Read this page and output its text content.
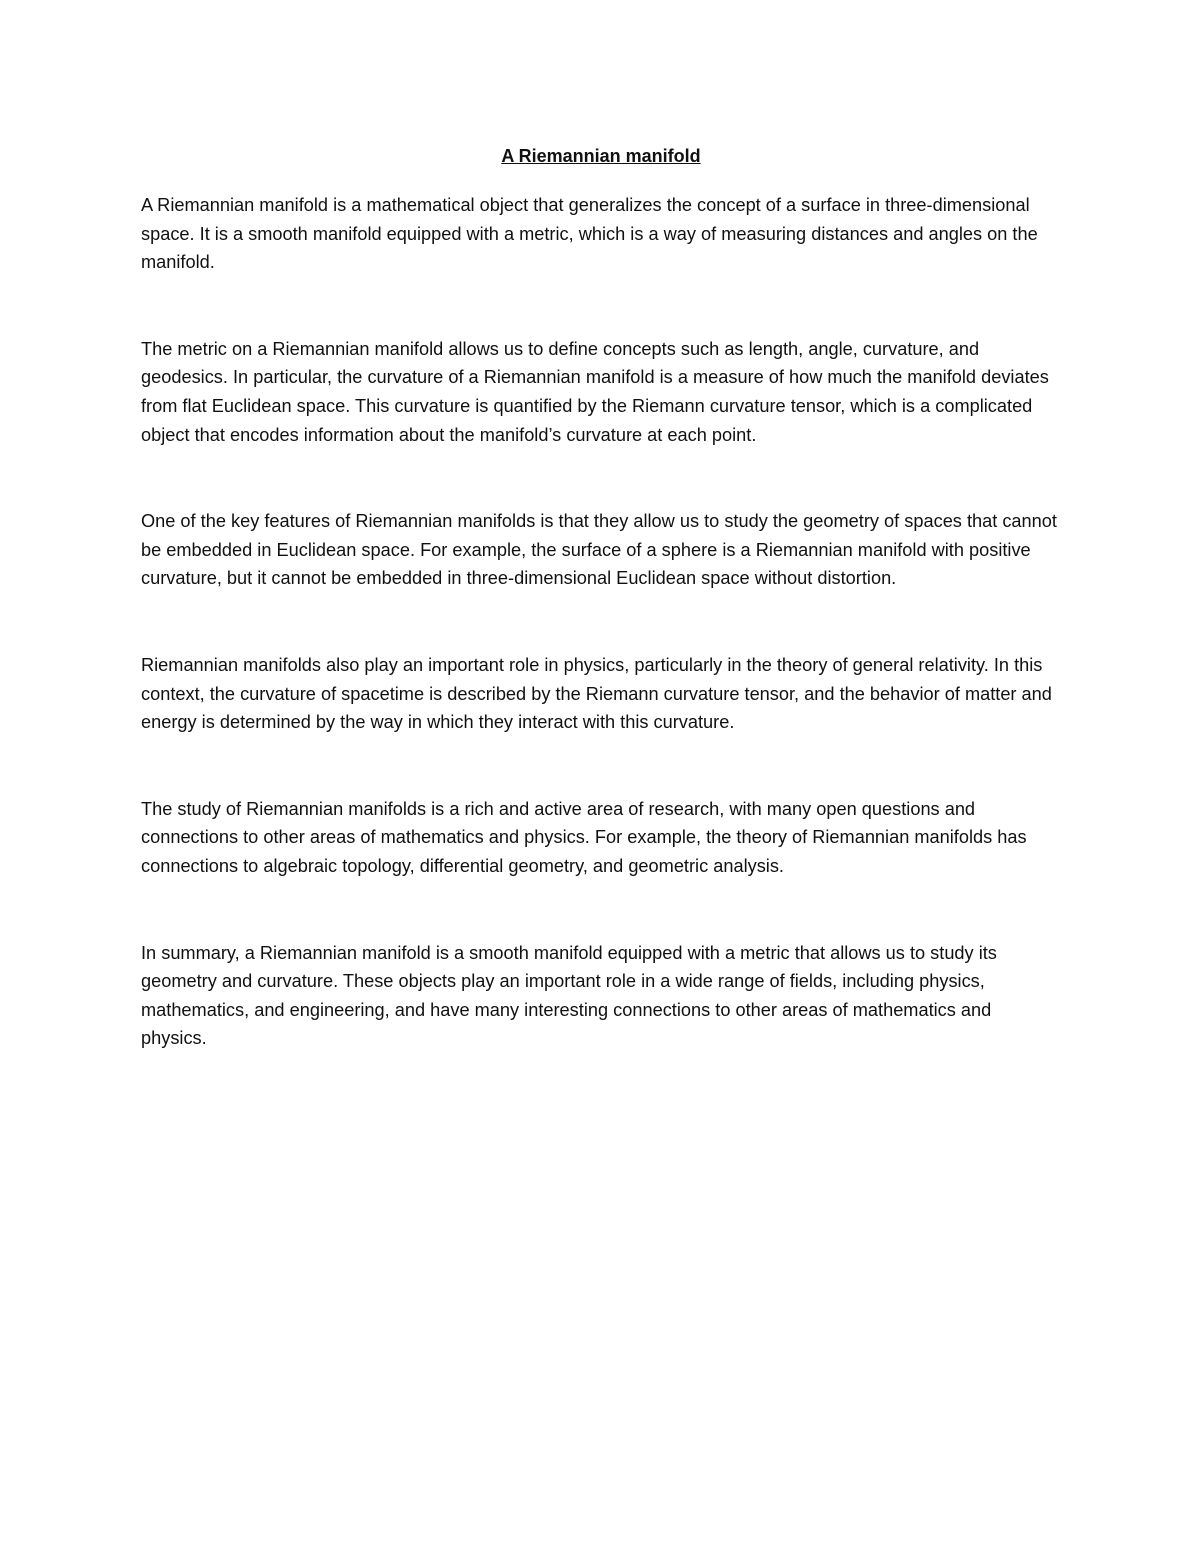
A Riemannian manifold

A Riemannian manifold is a mathematical object that generalizes the concept of a surface in three-dimensional space. It is a smooth manifold equipped with a metric, which is a way of measuring distances and angles on the manifold.

The metric on a Riemannian manifold allows us to define concepts such as length, angle, curvature, and geodesics. In particular, the curvature of a Riemannian manifold is a measure of how much the manifold deviates from flat Euclidean space. This curvature is quantified by the Riemann curvature tensor, which is a complicated object that encodes information about the manifold’s curvature at each point.

One of the key features of Riemannian manifolds is that they allow us to study the geometry of spaces that cannot be embedded in Euclidean space. For example, the surface of a sphere is a Riemannian manifold with positive curvature, but it cannot be embedded in three-dimensional Euclidean space without distortion.

Riemannian manifolds also play an important role in physics, particularly in the theory of general relativity. In this context, the curvature of spacetime is described by the Riemann curvature tensor, and the behavior of matter and energy is determined by the way in which they interact with this curvature.

The study of Riemannian manifolds is a rich and active area of research, with many open questions and connections to other areas of mathematics and physics. For example, the theory of Riemannian manifolds has connections to algebraic topology, differential geometry, and geometric analysis.

In summary, a Riemannian manifold is a smooth manifold equipped with a metric that allows us to study its geometry and curvature. These objects play an important role in a wide range of fields, including physics, mathematics, and engineering, and have many interesting connections to other areas of mathematics and physics.
